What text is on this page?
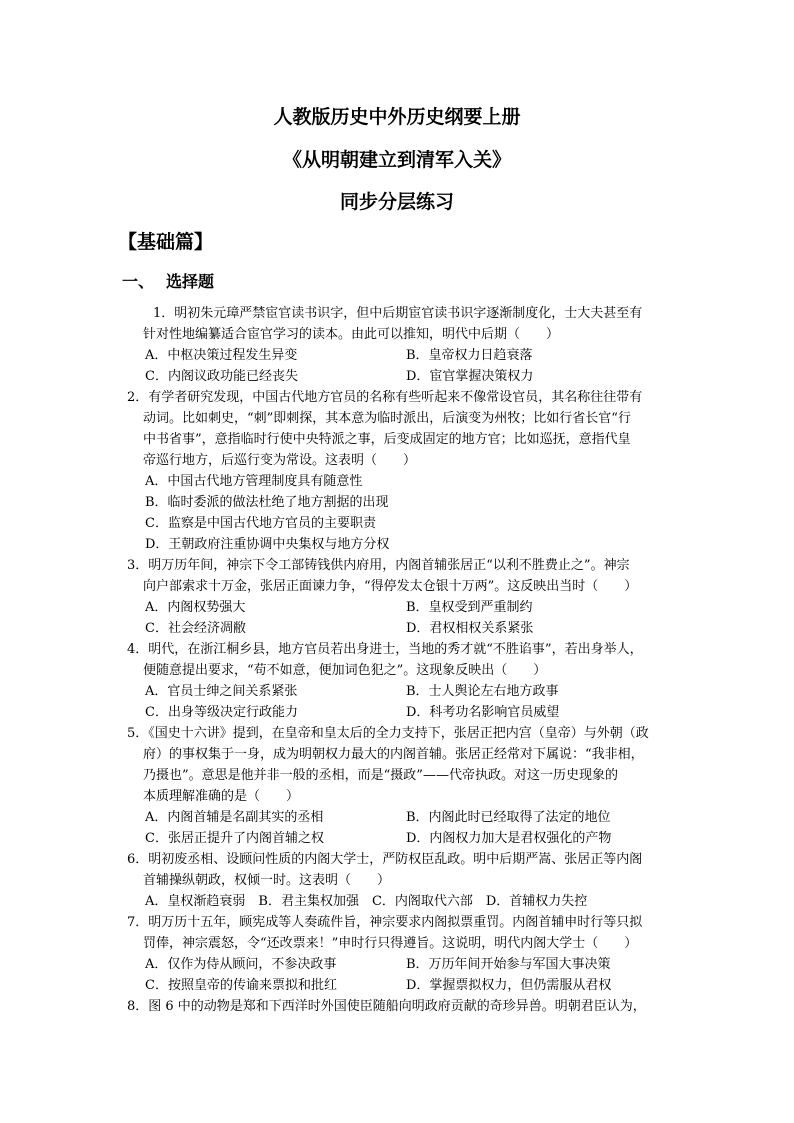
人教版历史中外历史纲要上册
《从明朝建立到清军入关》
同步分层练习
【基础篇】
一、 选择题
1．明初朱元璋严禁宦官读书识字，但中后期宦官读书识字逐渐制度化，士大夫甚至有
针对性地编纂适合宦官学习的读本。由此可以推知，明代中后期（　　）
A．中枢决策过程发生异变	B．皇帝权力日趋衰落
C．内阁议政功能已经丧失	D．宦官掌握决策权力
2．有学者研究发现，中国古代地方官员的名称有些听起来不像常设官员，其名称往往带有
动词。比如刺史，“刺”即刺探，其本意为临时派出，后演变为州牧；比如行省长官“行
中书省事”，意指临时行使中央特派之事，后变成固定的地方官；比如巡抚，意指代皇
帝巡行地方，后巡行变为常设。这表明（　　）
A．中国古代地方管理制度具有随意性
B．临时委派的做法杜绝了地方割据的出现
C．监察是中国古代地方官员的主要职责
D．王朝政府注重协调中央集权与地方分权
3．明万历年间，神宗下令工部铸钱供内府用，内阁首辅张居正“以利不胜费止之”。神宗
向户部索求十万金，张居正面谏力争，“得停发太仓银十万两”。这反映出当时（　　）
A．内阁权势强大	B．皇权受到严重制约
C．社会经济凋敝	D．君权相权关系紧张
4．明代，在浙江桐乡县，地方官员若出身进士，当地的秀才就“不胜谄事”，若出身举人，
便随意提出要求，“苟不如意，便加词色犯之”。这现象反映出（　　）
A．官员士绅之间关系紧张	B．士人舆论左右地方政事
C．出身等级决定行政能力	D．科考功名影响官员威望
5．《国史十六讲》提到，在皇帝和皇太后的全力支持下，张居正把内宫（皇帝）与外朝（政
府）的事权集于一身，成为明朝权力最大的内阁首辅。张居正经常对下属说：“我非相，
乃摄也”。意思是他并非一般的丞相，而是“摄政”——代帝执政。对这一历史现象的
本质理解准确的是（　　）
A．内阁首辅是名副其实的丞相	B．内阁此时已经取得了法定的地位
C．张居正提升了内阁首辅之权	D．内阁权力加大是君权强化的产物
6．明初废丞相、设顾问性质的内阁大学士，严防权臣乱政。明中后期严嵩、张居正等内阁
首辅操纵朝政，权倾一时。这表明（　　）
A．皇权渐趋衰弱　B．君主集权加强　C．内阁取代六部　D．首辅权力失控
7．明万历十五年，顾宪成等人奏疏件旨，神宗要求内阁拟票重罚。内阁首辅申时行等只拟
罚俸，神宗震怒，令“还改票来！”申时行只得遵旨。这说明，明代内阁大学士（　　）
A．仅作为侍从顾问，不参决政事	B．万历年间开始参与军国大事决策
C．按照皇帝的传谕来票拟和批红	D．掌握票拟权力，但仍需服从君权
8．图 6 中的动物是郑和下西洋时外国使臣随船向明政府贡献的奇珍异兽。明朝君臣认为，
